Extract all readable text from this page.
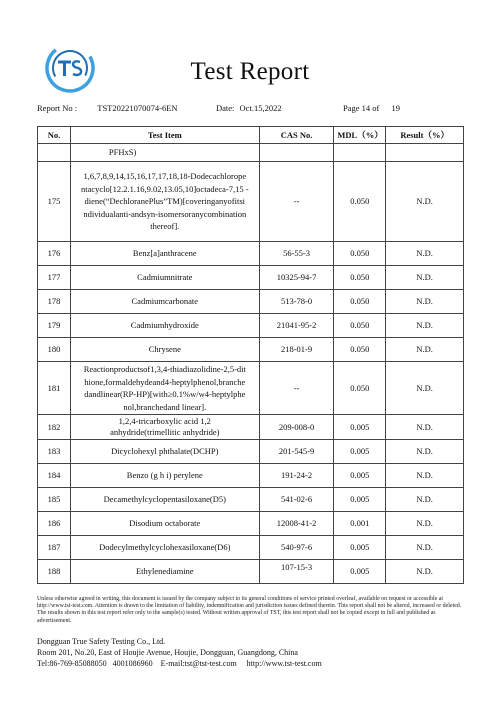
Test Report
Report No : TST20221070074-6EN	Date: Oct.15,2022	Page 14 of 19
No.	Test Item	CAS No.	MDL（%）	Result（%）
	PFHxS)			
175	1,6,7,8,9,14,15,16,17,17,18,18-Dodecachlorope ntacyclo[12.2.1.16,9.02,13.05,10]octadeca-7,15 -diene(“DechloranePlus”TM)[coveringanyofitsi ndividualanti-andsyn-isomersoranycombination thereof].	--	0.050	N.D.
176	Benz[a]anthracene	56-55-3	0.050	N.D.
177	Cadmiumnitrate	10325-94-7	0.050	N.D.
178	Cadmiumcarbonate	513-78-0	0.050	N.D.
179	Cadmiumhydroxide	21041-95-2	0.050	N.D.
180	Chrysene	218-01-9	0.050	N.D.
181	Reactionproductsof1,3,4-thiadiazolidine-2,5-dit hione,formaldehydeand4-heptylphenol,branche dandlinear(RP-HP)[with≥0.1%w/w4-heptylphe nol,branchedand linear].	--	0.050	N.D.
182	1,2,4-tricarboxylic acid 1,2 anhydride(trimellitic anhydride)	209-008-0	0.005	N.D.
183	Dicyclohexyl phthalate(DCHP)	201-545-9	0.005	N.D.
184	Benzo (g h i) perylene	191-24-2	0.005	N.D.
185	Decamethylcyclopentasiloxane(D5)	541-02-6	0.005	N.D.
186	Disodium octaborate	12008-41-2	0.001	N.D.
187	Dodecylmethylcyclohexasiloxane(D6)	540-97-6	0.005	N.D.
188	Ethylenediamine	107-15-3	0.005	N.D.
Unless otherwise agreed in writing, this document is issued by the company subject to its general conditions of service printed overleaf, available on request or accessible at http://www.tst-test.com. Attention is drawn to the limitation of liability, indemnification and jurisdiction issues defined therein. This report shall not be altered, increased or deleted. The results shown in this test report refer only to the sample(s) tested. Without written approval of TST, this test report shall not be copied except in full and published as advertisement.
Dongguan True Safety Testing Co., Ltd.
Room 201, No.20, East of Houjie Avenue, Houjie, Dongguan, Guangdong, China
Tel:86-769-85088050   4001086960    E-mail:tst@tst-test.com     http://www.tst-test.com
